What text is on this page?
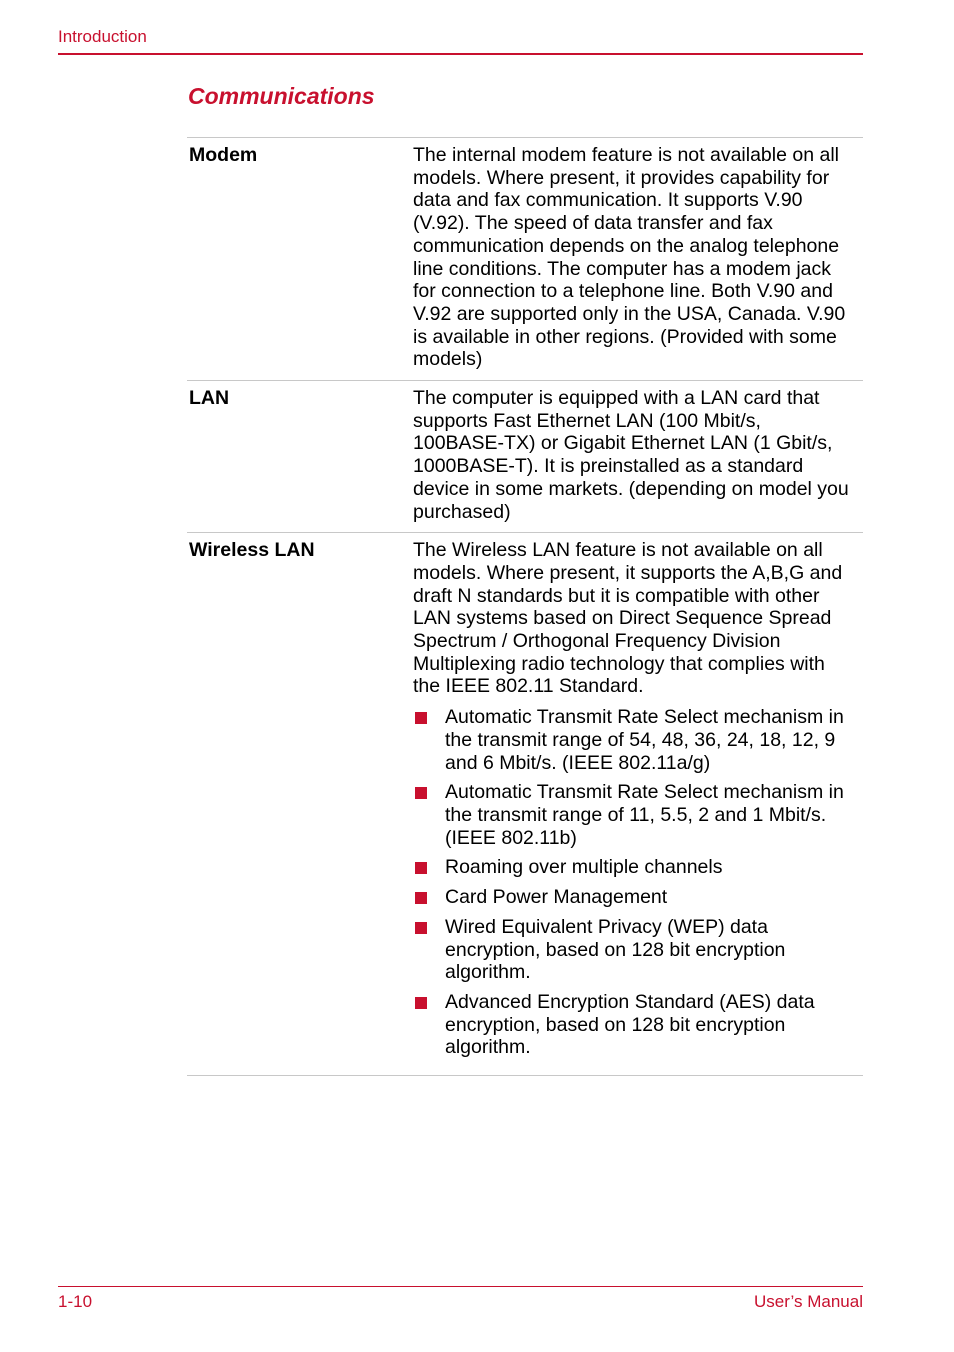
Introduction
Communications
Modem	The internal modem feature is not available on all models. Where present, it provides capability for data and fax communication. It supports V.90 (V.92). The speed of data transfer and fax communication depends on the analog telephone line conditions. The computer has a modem jack for connection to a telephone line. Both V.90 and V.92 are supported only in the USA, Canada. V.90 is available in other regions. (Provided with some models)
LAN	The computer is equipped with a LAN card that supports Fast Ethernet LAN (100 Mbit/s, 100BASE-TX) or Gigabit Ethernet LAN (1 Gbit/s, 1000BASE-T). It is preinstalled as a standard device in some markets. (depending on model you purchased)
Wireless LAN	The Wireless LAN feature is not available on all models. Where present, it supports the A,B,G and draft N standards but it is compatible with other LAN systems based on Direct Sequence Spread Spectrum / Orthogonal Frequency Division Multiplexing radio technology that complies with the IEEE 802.11 Standard.
Automatic Transmit Rate Select mechanism in the transmit range of 54, 48, 36, 24, 18, 12, 9 and 6 Mbit/s. (IEEE 802.11a/g)
Automatic Transmit Rate Select mechanism in the transmit range of 11, 5.5, 2 and 1 Mbit/s. (IEEE 802.11b)
Roaming over multiple channels
Card Power Management
Wired Equivalent Privacy (WEP) data encryption, based on 128 bit encryption algorithm.
Advanced Encryption Standard (AES) data encryption, based on 128 bit encryption algorithm.
1-10	User’s Manual
